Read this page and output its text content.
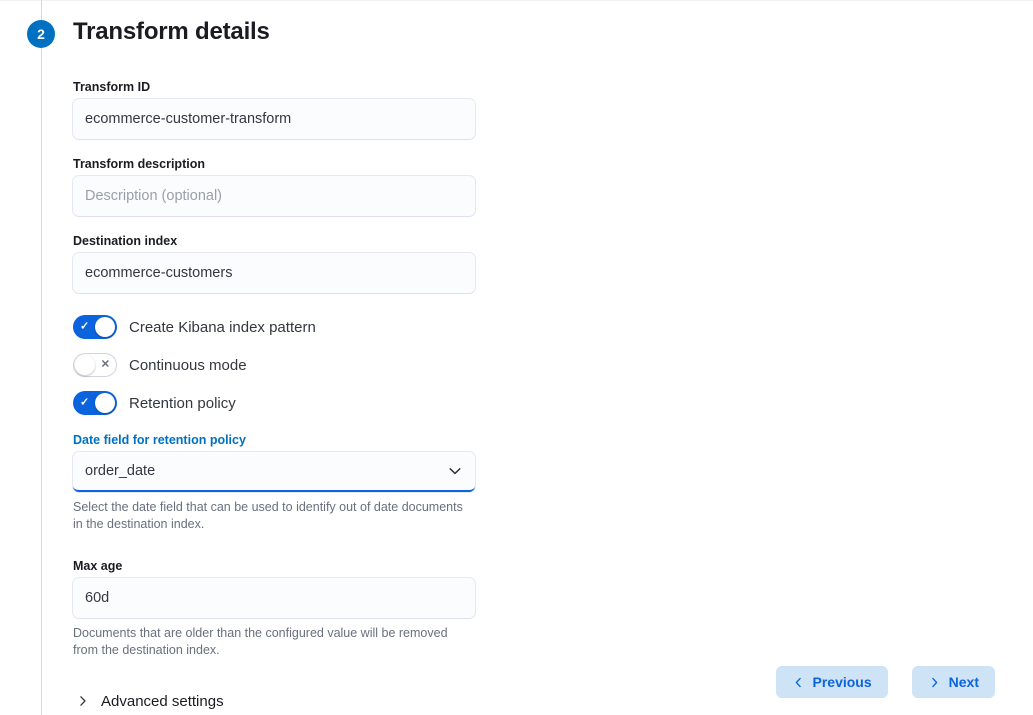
2	Transform details
Transform ID
ecommerce-customer-transform
Transform description
Description (optional)
Destination index
ecommerce-customers
✓	Create Kibana index pattern
✕ Continuous mode
✓	Retention policy
Date field for retention policy
order_date
Select the date field that can be used to identify out of date documents in the destination index.
Max age
60d
Documents that are older than the configured value will be removed from the destination index.
Advanced settings
Previous	Next
